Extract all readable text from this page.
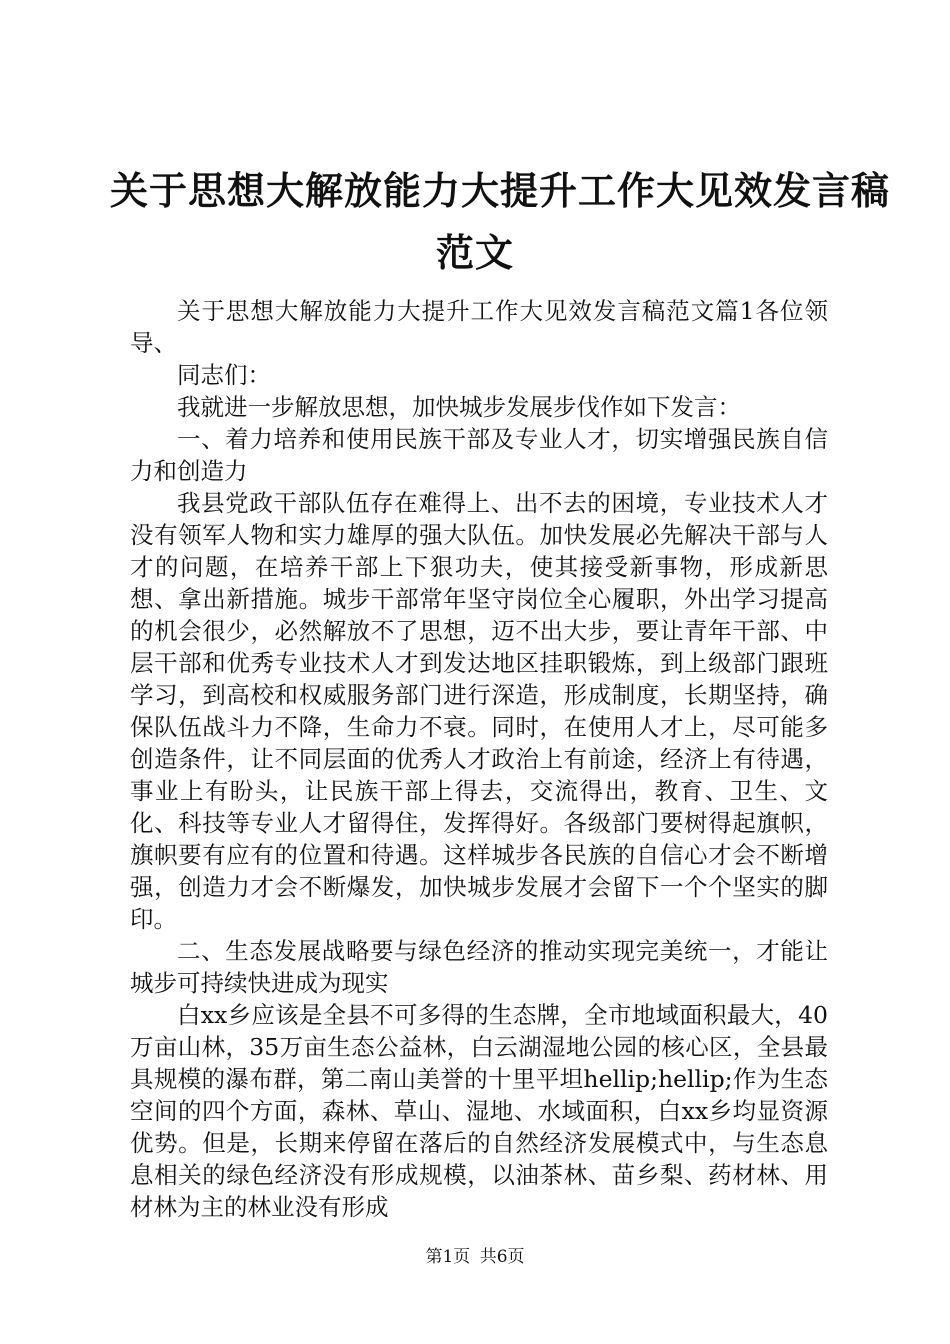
关于思想大解放能力大提升工作大见效发言稿
范文

关于思想大解放能力大提升工作大见效发言稿范文篇1各位领导、

同志们：

我就进一步解放思想，加快城步发展步伐作如下发言：

一、着力培养和使用民族干部及专业人才，切实增强民族自信力和创造力

我县党政干部队伍存在难得上、出不去的困境，专业技术人才没有领军人物和实力雄厚的强大队伍。加快发展必先解决干部与人才的问题，在培养干部上下狠功夫，使其接受新事物，形成新思想、拿出新措施。城步干部常年坚守岗位全心履职，外出学习提高的机会很少，必然解放不了思想，迈不出大步，要让青年干部、中层干部和优秀专业技术人才到发达地区挂职锻炼，到上级部门跟班学习，到高校和权威服务部门进行深造，形成制度，长期坚持，确保队伍战斗力不降，生命力不衰。同时，在使用人才上，尽可能多创造条件，让不同层面的优秀人才政治上有前途，经济上有待遇，事业上有盼头，让民族干部上得去，交流得出，教育、卫生、文化、科技等专业人才留得住，发挥得好。各级部门要树得起旗帜，旗帜要有应有的位置和待遇。这样城步各民族的自信心才会不断增强，创造力才会不断爆发，加快城步发展才会留下一个个坚实的脚印。

二、生态发展战略要与绿色经济的推动实现完美统一，才能让城步可持续快进成为现实

白xx乡应该是全县不可多得的生态牌，全市地域面积最大，40万亩山林，35万亩生态公益林，白云湖湿地公园的核心区，全县最具规模的瀑布群，第二南山美誉的十里平坦hellip;hellip;作为生态空间的四个方面，森林、草山、湿地、水域面积，白xx乡均显资源优势。但是，长期来停留在落后的自然经济发展模式中，与生态息息相关的绿色经济没有形成规模，以油茶林、苗乡梨、药材林、用材林为主的林业没有形成

第1页 共6页
